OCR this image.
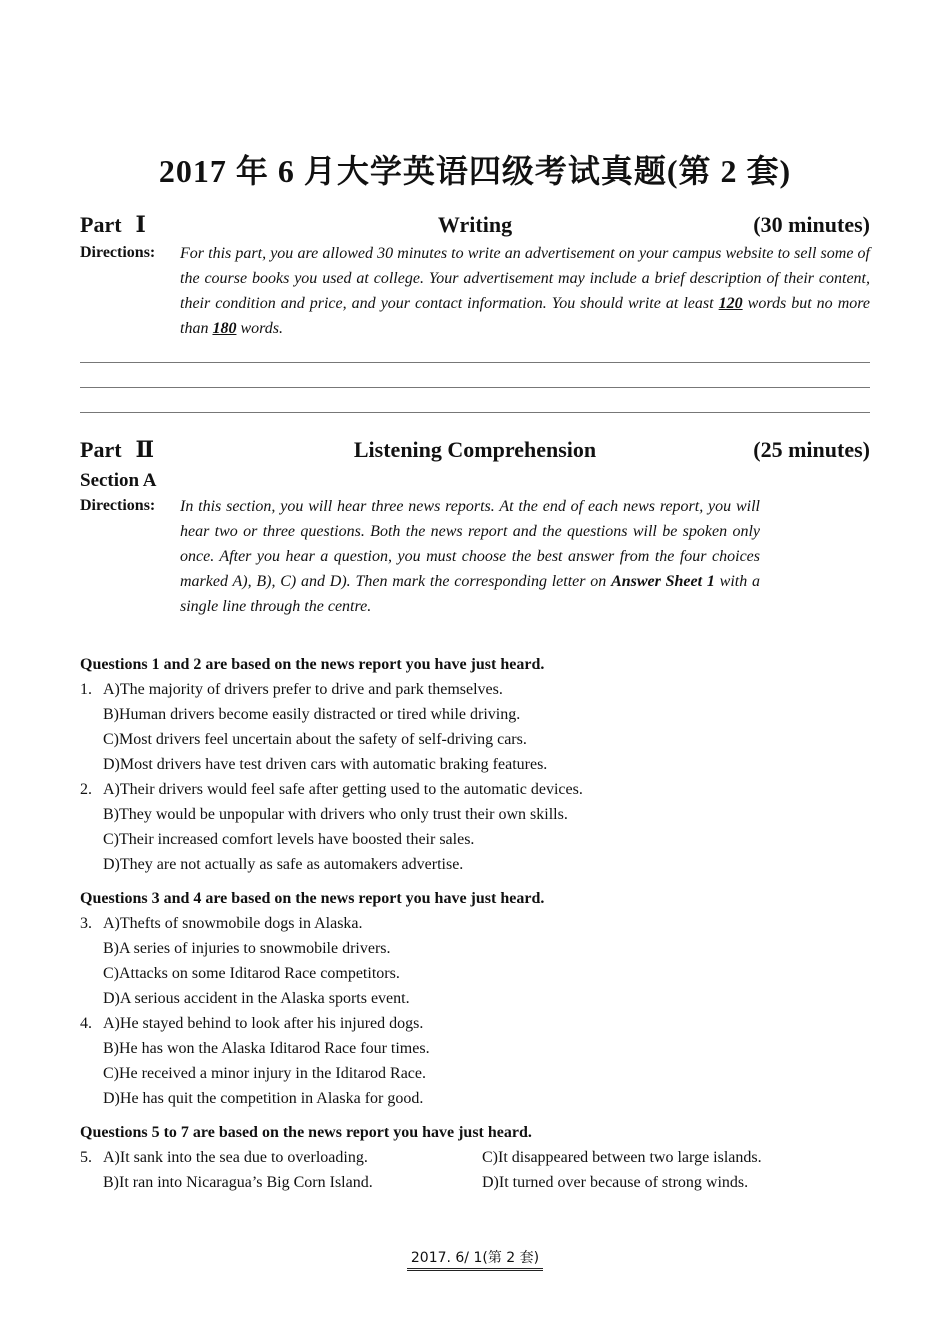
2017 年 6 月大学英语四级考试真题(第 2 套)
Part Ⅰ	Writing	(30 minutes)
Directions: For this part, you are allowed 30 minutes to write an advertisement on your campus website to sell some of the course books you used at college. Your advertisement may include a brief description of their content, their condition and price, and your contact information. You should write at least 120 words but no more than 180 words.
Part Ⅱ	Listening Comprehension	(25 minutes)
Section A
Directions: In this section, you will hear three news reports. At the end of each news report, you will hear two or three questions. Both the news report and the questions will be spoken only once. After you hear a question, you must choose the best answer from the four choices marked A), B), C) and D). Then mark the corresponding letter on Answer Sheet 1 with a single line through the centre.
Questions 1 and 2 are based on the news report you have just heard.
1. A)The majority of drivers prefer to drive and park themselves.
B)Human drivers become easily distracted or tired while driving.
C)Most drivers feel uncertain about the safety of self-driving cars.
D)Most drivers have test driven cars with automatic braking features.
2. A)Their drivers would feel safe after getting used to the automatic devices.
B)They would be unpopular with drivers who only trust their own skills.
C)Their increased comfort levels have boosted their sales.
D)They are not actually as safe as automakers advertise.
Questions 3 and 4 are based on the news report you have just heard.
3. A)Thefts of snowmobile dogs in Alaska.
B)A series of injuries to snowmobile drivers.
C)Attacks on some Iditarod Race competitors.
D)A serious accident in the Alaska sports event.
4. A)He stayed behind to look after his injured dogs.
B)He has won the Alaska Iditarod Race four times.
C)He received a minor injury in the Iditarod Race.
D)He has quit the competition in Alaska for good.
Questions 5 to 7 are based on the news report you have just heard.
5. A)It sank into the sea due to overloading.
B)It ran into Nicaragua’s Big Corn Island.
C)It disappeared between two large islands.
D)It turned over because of strong winds.
2017. 6/ 1(第 2 套)
